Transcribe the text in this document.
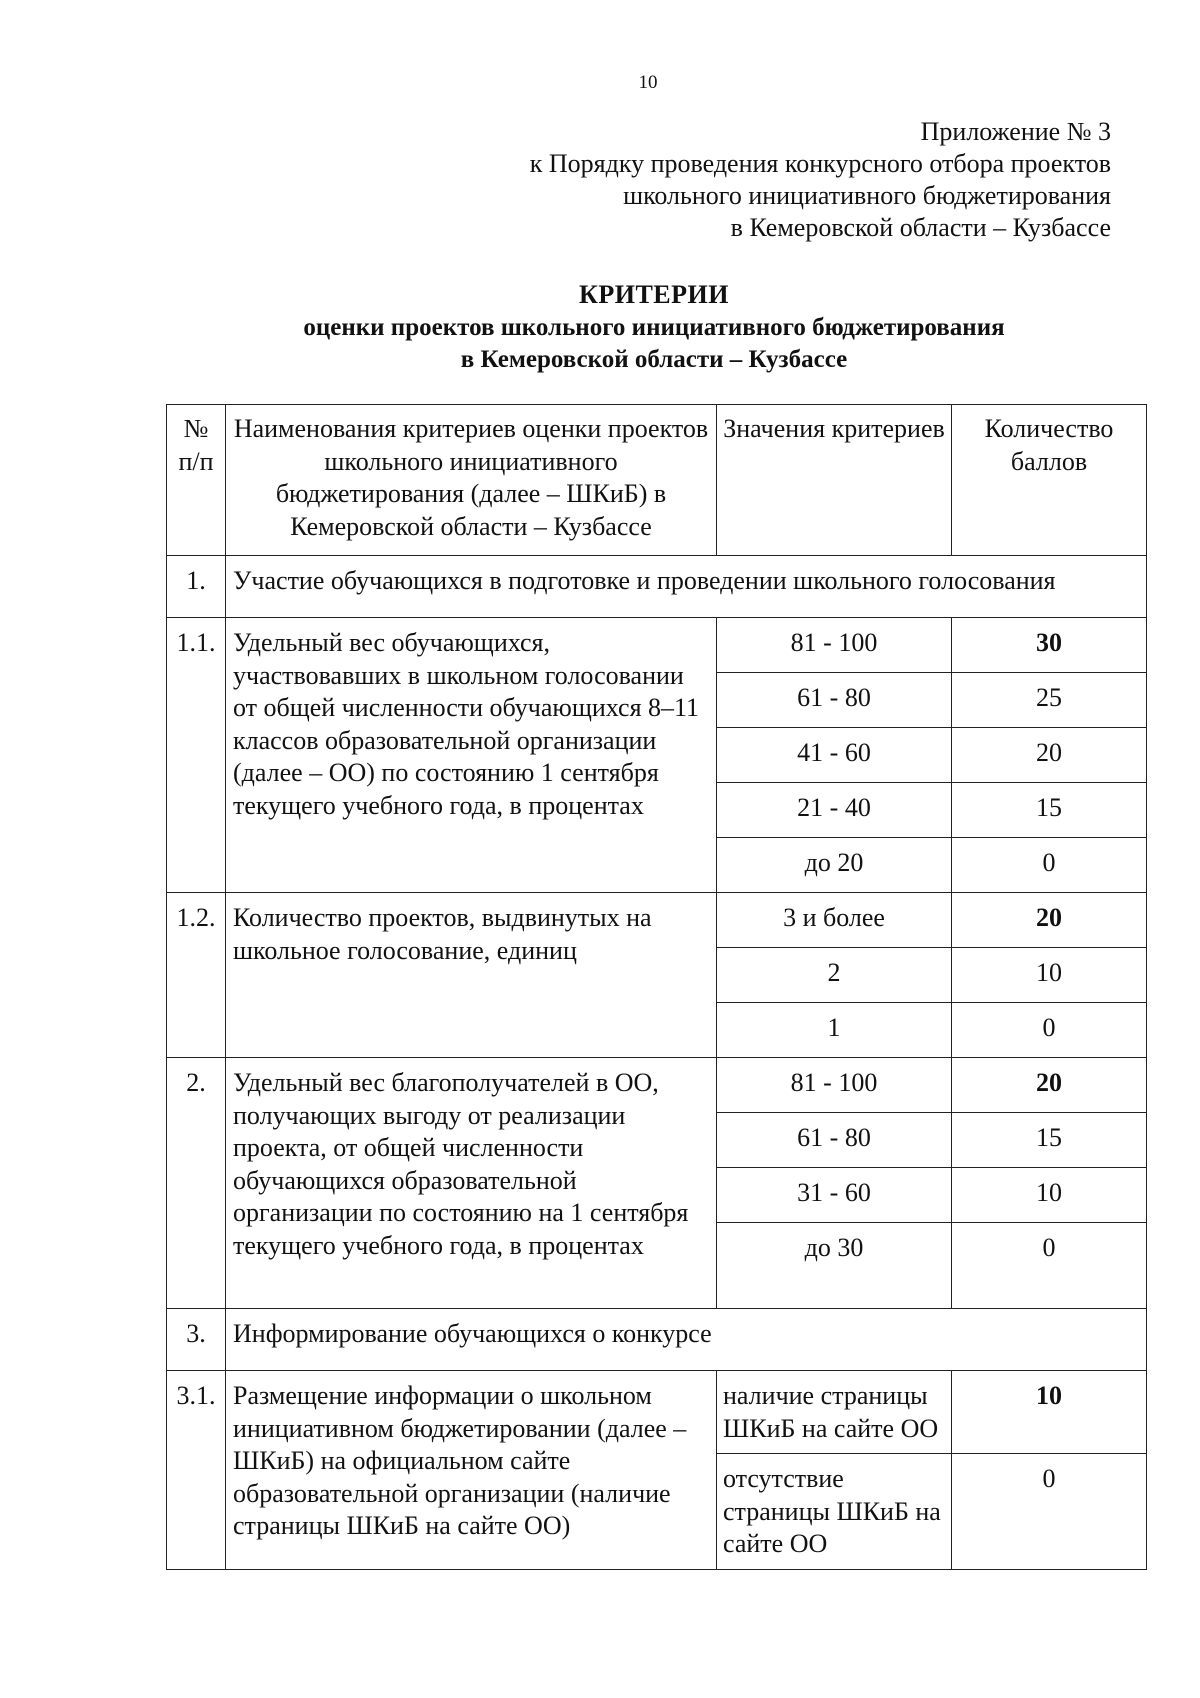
10
Приложение № 3
к Порядку проведения конкурсного отбора проектов
школьного инициативного бюджетирования
в Кемеровской области – Кузбассе
КРИТЕРИИ
оценки проектов школьного инициативного бюджетирования
в Кемеровской области – Кузбассе
№ п/п	Наименования критериев оценки проектов школьного инициативного бюджетирования (далее – ШКиБ) в Кемеровской области – Кузбассе	Значения критериев	Количество баллов
1.	Участие обучающихся в подготовке и проведении школьного голосования		
1.1.	Удельный вес обучающихся, участвовавших в школьном голосовании от общей численности обучающихся 8–11 классов образовательной организации (далее – ОО) по состоянию 1 сентября текущего учебного года, в процентах	81 - 100	30
		61 - 80	25
		41 - 60	20
		21 - 40	15
		до 20	0
1.2.	Количество проектов, выдвинутых на школьное голосование, единиц	3 и более	20
		2	10
		1	0
2.	Удельный вес благополучателей в ОО, получающих выгоду от реализации проекта, от общей численности обучающихся образовательной организации по состоянию на 1 сентября текущего учебного года, в процентах	81 - 100	20
		61 - 80	15
		31 - 60	10
		до 30	0
3.	Информирование обучающихся о конкурсе		
3.1.	Размещение информации о школьном инициативном бюджетировании (далее – ШКиБ) на официальном сайте образовательной организации (наличие страницы ШКиБ на сайте ОО)	наличие страницы ШКиБ на сайте ОО	10
		отсутствие страницы ШКиБ на сайте ОО	0
